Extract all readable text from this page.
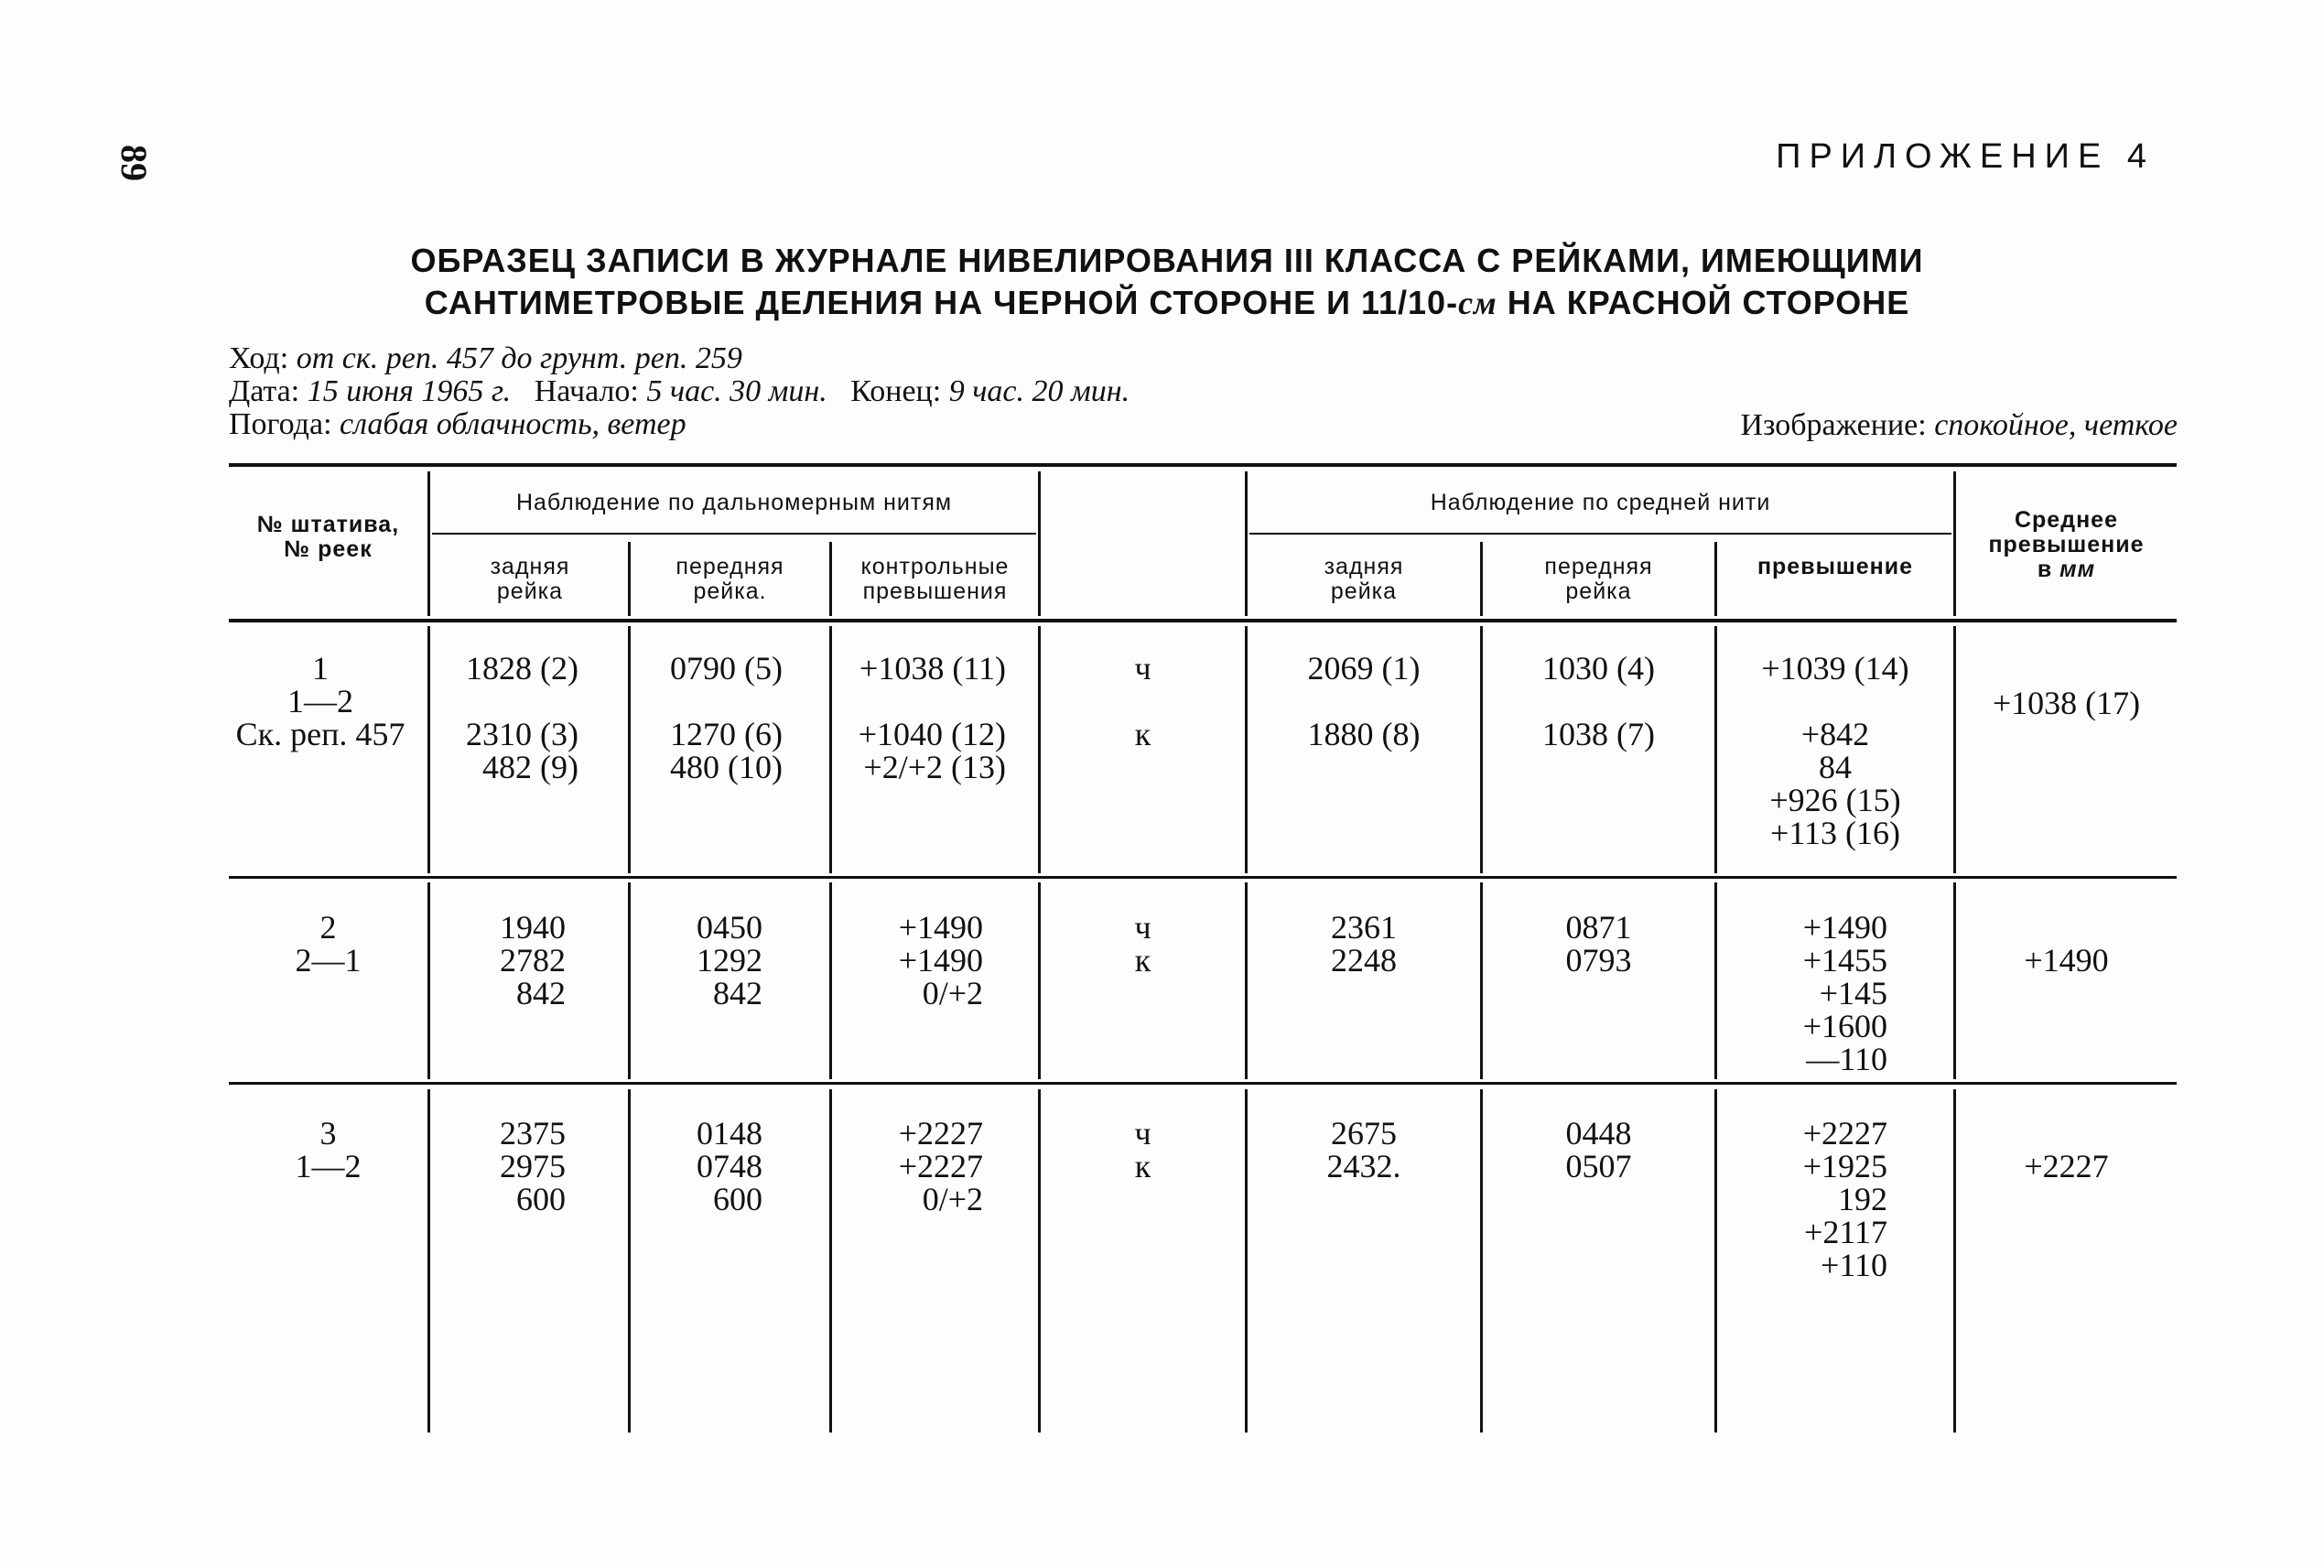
89	ПРИЛОЖЕНИЕ 4
ОБРАЗЕЦ ЗАПИСИ В ЖУРНАЛЕ НИВЕЛИРОВАНИЯ III КЛАССА С РЕЙКАМИ, ИМЕЮЩИМИ
САНТИМЕТРОВЫЕ ДЕЛЕНИЯ НА ЧЕРНОЙ СТОРОНЕ И 11/10-см НА КРАСНОЙ СТОРОНЕ
Ход: от ск. реп. 457 до грунт. реп. 259
Дата: 15 июня 1965 г. Начало: 5 час. 30 мин. Конец: 9 час. 20 мин.
Погода: слабая облачность, ветер	Изображение: спокойное, четкое
№ штатива,
№ реек
Наблюдение по дальномерным нитям
задняя
рейка
передняя
рейка.
контрольные
превышения
Наблюдение по средней нити
задняя
рейка
передняя
рейка
превышение
Среднее
превышение
в мм
1
1—2
Ск. реп. 457
1828 (2)

2310 (3)
482 (9)
0790 (5)

1270 (6)
480 (10)
+1038 (11)

+1040 (12)
+2/+2 (13)
ч

к
2069 (1)

1880 (8)
1030 (4)

1038 (7)
+1039 (14)

+842
84
+926 (15)
+113 (16)
+1038 (17)
2
2—1
1940
2782
842
0450
1292
842
+1490
+1490
0/+2
ч
к
2361
2248
0871
0793
+1490
+1455
+145
+1600
—110
+1490
3
1—2
2375
2975
600
0148
0748
600
+2227
+2227
0/+2
ч
к
2675
2432.
0448
0507
+2227
+1925
192
+2117
+110
+2227
